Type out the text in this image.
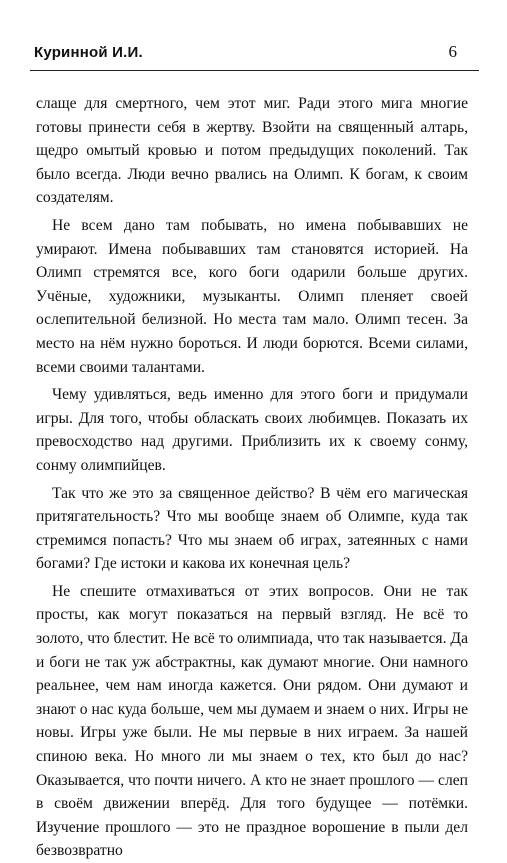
Куринной И.И.	6

слаще для смертного, чем этот миг. Ради этого мига многие готовы принести себя в жертву. Взойти на священный алтарь, щедро омытый кровью и потом предыдущих поколений. Так было всегда. Люди вечно рвались на Олимп. К богам, к своим создателям.

Не всем дано там побывать, но имена побывавших не умирают. Имена побывавших там становятся историей. На Олимп стремятся все, кого боги одарили больше других. Учёные, художники, музыканты. Олимп пленяет своей ослепительной белизной. Но места там мало. Олимп тесен. За место на нём нужно бороться. И люди борются. Всеми силами, всеми своими талантами.

Чему удивляться, ведь именно для этого боги и придумали игры. Для того, чтобы обласкать своих любимцев. Показать их превосходство над другими. Приблизить их к своему сонму, сонму олимпийцев.

Так что же это за священное действо? В чём его магическая притягательность? Что мы вообще знаем об Олимпе, куда так стремимся попасть? Что мы знаем об играх, затеянных с нами богами? Где истоки и какова их конечная цель?

Не спешите отмахиваться от этих вопросов. Они не так просты, как могут показаться на первый взгляд. Не всё то золото, что блестит. Не всё то олимпиада, что так называется. Да и боги не так уж абстрактны, как думают многие. Они намного реальнее, чем нам иногда кажется. Они рядом. Они думают и знают о нас куда больше, чем мы думаем и знаем о них. Игры не новы. Игры уже были. Не мы первые в них играем. За нашей спиною века. Но много ли мы знаем о тех, кто был до нас? Оказывается, что почти ничего. А кто не знает прошлого — слеп в своём движении вперёд. Для того будущее — потёмки. Изучение прошлого — это не праздное ворошение в пыли дел безвозвратно
